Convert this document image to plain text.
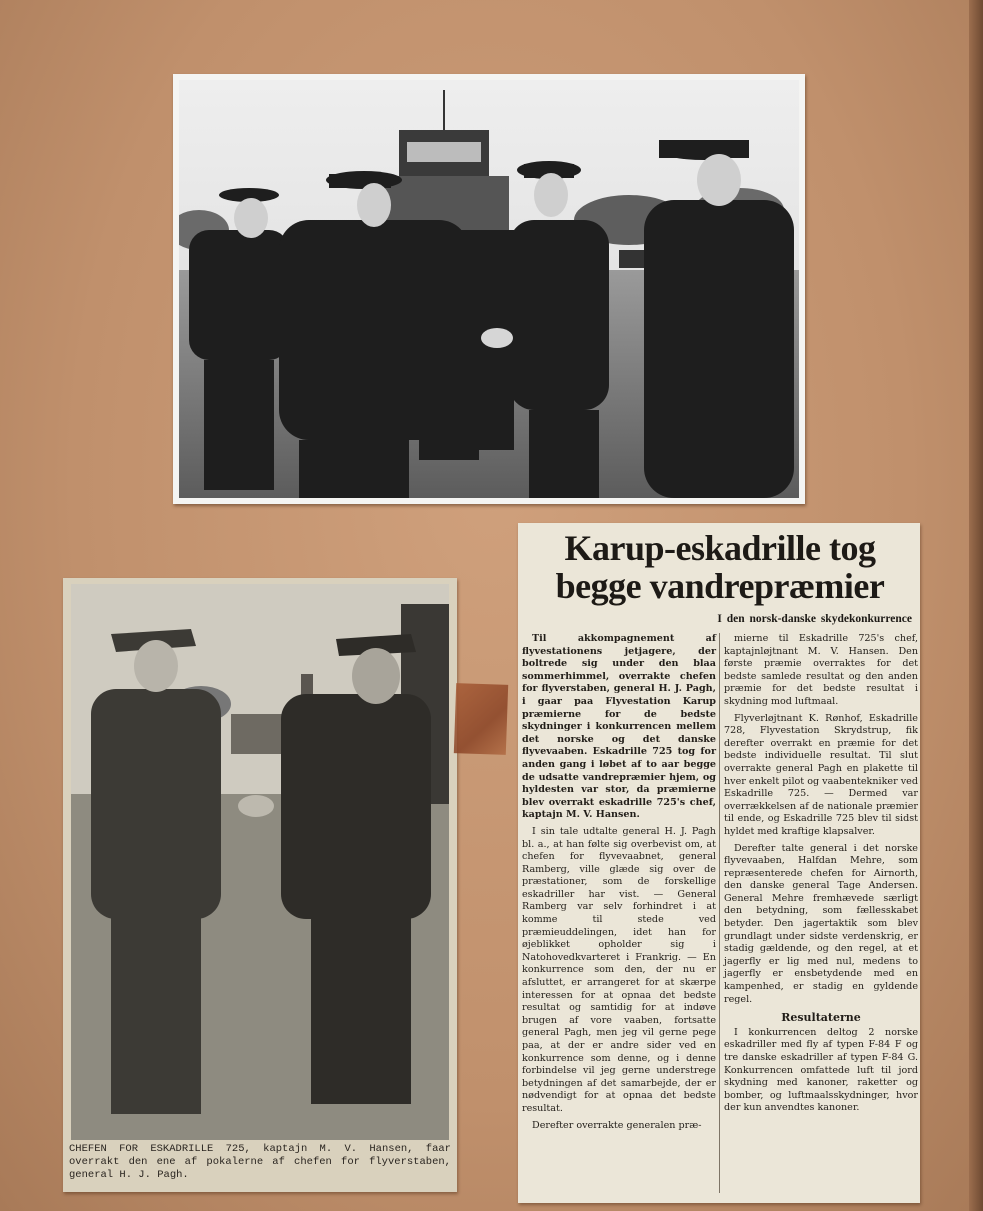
CHEFEN FOR ESKADRILLE 725, kaptajn M. V. Hansen, faar overrakt den ene af pokalerne af chefen for flyverstaben, general H. J. Pagh.
Karup-eskadrille tog begge vandrepræmier
I den norsk-danske skydekonkurrence

Til akkompagnement af flyvestationens jetjagere, der boltrede sig under den blaa sommerhimmel, overrakte chefen for flyverstaben, general H. J. Pagh, i gaar paa Flyvestation Karup præmierne for de bedste skydninger i konkurrencen mellem det norske og det danske flyvevaaben. Eskadrille 725 tog for anden gang i løbet af to aar begge de udsatte vandrepræmier hjem, og hyldesten var stor, da præmierne blev overrakt eskadrille 725's chef, kaptajn M. V. Hansen.

I sin tale udtalte general H. J. Pagh bl. a., at han følte sig overbevist om, at chefen for flyvevaabnet, general Ramberg, ville glæde sig over de præstationer, som de forskellige eskadriller har vist. — General Ramberg var selv forhindret i at komme til stede ved præmieuddelingen, idet han for øjeblikket opholder sig i Natohovedkvarteret i Frankrig. — En konkurrence som den, der nu er afsluttet, er arrangeret for at skærpe interessen for at opnaa det bedste resultat og samtidig for at indøve brugen af vore vaaben, fortsatte general Pagh, men jeg vil gerne pege paa, at der er andre sider ved en konkurrence som denne, og i denne forbindelse vil jeg gerne understrege betydningen af det samarbejde, der er nødvendigt for at opnaa det bedste resultat.

Derefter overrakte generalen præ-

mierne til Eskadrille 725's chef, kaptajnløjtnant M. V. Hansen. Den første præmie overraktes for det bedste samlede resultat og den anden præmie for det bedste resultat i skydning mod luftmaal.

Flyverløjtnant K. Rønhof, Eskadrille 728, Flyvestation Skrydstrup, fik derefter overrakt en præmie for det bedste individuelle resultat. Til slut overrakte general Pagh en plakette til hver enkelt pilot og vaabentekniker ved Eskadrille 725. — Dermed var overrækkelsen af de nationale præmier til ende, og Eskadrille 725 blev til sidst hyldet med kraftige klapsalver.

Derefter talte general i det norske flyvevaaben, Halfdan Mehre, som repræsenterede chefen for Airnorth, den danske general Tage Andersen. General Mehre fremhævede særligt den betydning, som fællesskabet betyder. Den jagertaktik som blev grundlagt under sidste verdenskrig, er stadig gældende, og den regel, at et jagerfly er lig med nul, medens to jagerfly er ensbetydende med en kampenhed, er stadig en gyldende regel.

Resultaterne

I konkurrencen deltog 2 norske eskadriller med fly af typen F-84 F og tre danske eskadriller af typen F-84 G. Konkurrencen omfattede luft til jord skydning med kanoner, raketter og bomber, og luftmaalsskydninger, hvor der kun anvendtes kanoner.
